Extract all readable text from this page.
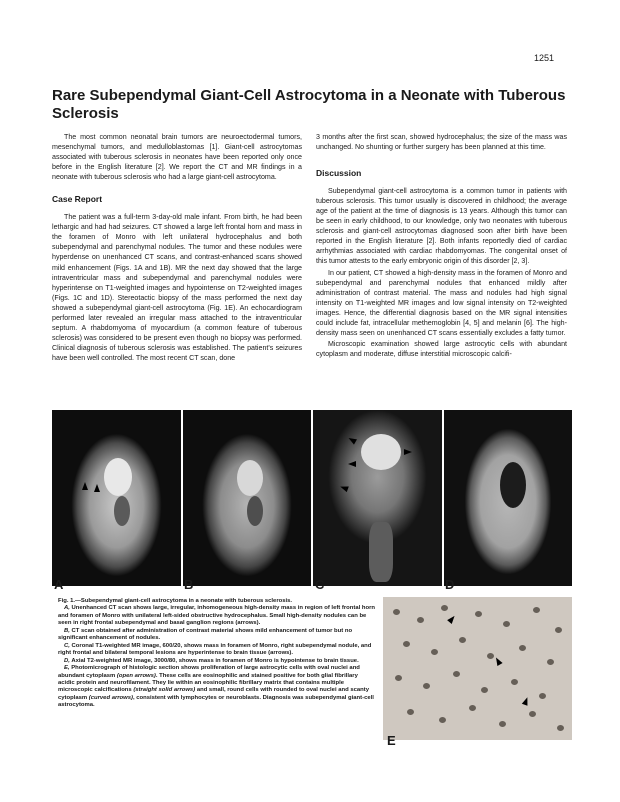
1251
Rare Subependymal Giant-Cell Astrocytoma in a Neonate with Tuberous Sclerosis

The most common neonatal brain tumors are neuroectodermal tumors, mesenchymal tumors, and medulloblastomas [1]. Giant-cell astrocytomas associated with tuberous sclerosis in neonates have been reported only once before in the English literature [2]. We report the CT and MR findings in a neonate with tuberous sclerosis who had a large giant-cell astrocytoma.

Case Report

The patient was a full-term 3-day-old male infant. From birth, he had been lethargic and had had seizures. CT showed a large left frontal horn and mass in the foramen of Monro with left unilateral hydrocephalus and both subependymal and parenchymal nodules. The tumor and these nodules were hyperdense on unenhanced CT scans, and contrast-enhanced scans showed mild enhancement (Figs. 1A and 1B). MR the next day showed that the large intraventricular mass and subependymal and parenchymal nodules were hyperintense on T1-weighted images and hypointense on T2-weighted images (Figs. 1C and 1D). Stereotactic biopsy of the mass performed the next day showed a subependymal giant-cell astrocytoma (Fig. 1E). An echocardiogram performed later revealed an irregular mass attached to the intraventricular septum. A rhabdomyoma of myocardium (a common feature of tuberous sclerosis) was considered to be present even though no biopsy was performed. Clinical diagnosis of tuberous sclerosis was established. The patient's seizures have been well controlled. The most recent CT scan, done

3 months after the first scan, showed hydrocephalus; the size of the mass was unchanged. No shunting or further surgery has been planned at this time.

Discussion

Subependymal giant-cell astrocytoma is a common tumor in patients with tuberous sclerosis. This tumor usually is discovered in childhood; the average age of the patient at the time of diagnosis is 13 years. Although this tumor can be seen in early childhood, to our knowledge, only two neonates with tuberous sclerosis and giant-cell astrocytomas diagnosed soon after birth have been reported in the English literature [2]. Both infants reportedly died of cardiac arrhythmias associated with cardiac rhabdomyomas. The congenital onset of this tumor attests to the early embryonic origin of this disorder [2, 3].

In our patient, CT showed a high-density mass in the foramen of Monro and subependymal and parenchymal nodules that enhanced mildly after administration of contrast material. The mass and nodules had high signal intensity on T1-weighted MR images and low signal intensity on T2-weighted images. Hence, the differential diagnosis based on the MR signal intensities could include fat, intracellular methemoglobin [4, 5] and melanin [6]. The high-density mass seen on unenhanced CT scans essentially excludes a fatty tumor.

Microscopic examination showed large astrocytic cells with abundant cytoplasm and moderate, diffuse interstitial microscopic calcifi-

A	B	C	D

Fig. 1.—Subependymal giant-cell astrocytoma in a neonate with tuberous sclerosis.

A, Unenhanced CT scan shows large, irregular, inhomogeneous high-density mass in region of left frontal horn and foramen of Monro with unilateral left-sided obstructive hydrocephalus. Small high-density nodules can be seen in right frontal subependymal and basal ganglion regions (arrows).

B, CT scan obtained after administration of contrast material shows mild enhancement of tumor but no significant enhancement of nodules.

C, Coronal T1-weighted MR image, 600/20, shows mass in foramen of Monro, right subependymal nodule, and right frontal and bilateral temporal lesions are hyperintense to brain tissue (arrows).

D, Axial T2-weighted MR image, 3000/80, shows mass in foramen of Monro is hypointense to brain tissue.

E, Photomicrograph of histologic section shows proliferation of large astrocytic cells with oval nuclei and abundant cytoplasm (open arrows). These cells are eosinophilic and stained positive for both glial fibrillary acidic protein and neurofilament. They lie within an eosinophilic fibrillary matrix that contains multiple microscopic calcifications (straight solid arrows) and small, round cells with rounded to oval nuclei and scanty cytoplasm (curved arrows), consistent with lymphocytes or neuroblasts. Diagnosis was subependymal giant-cell astrocytoma.

E
